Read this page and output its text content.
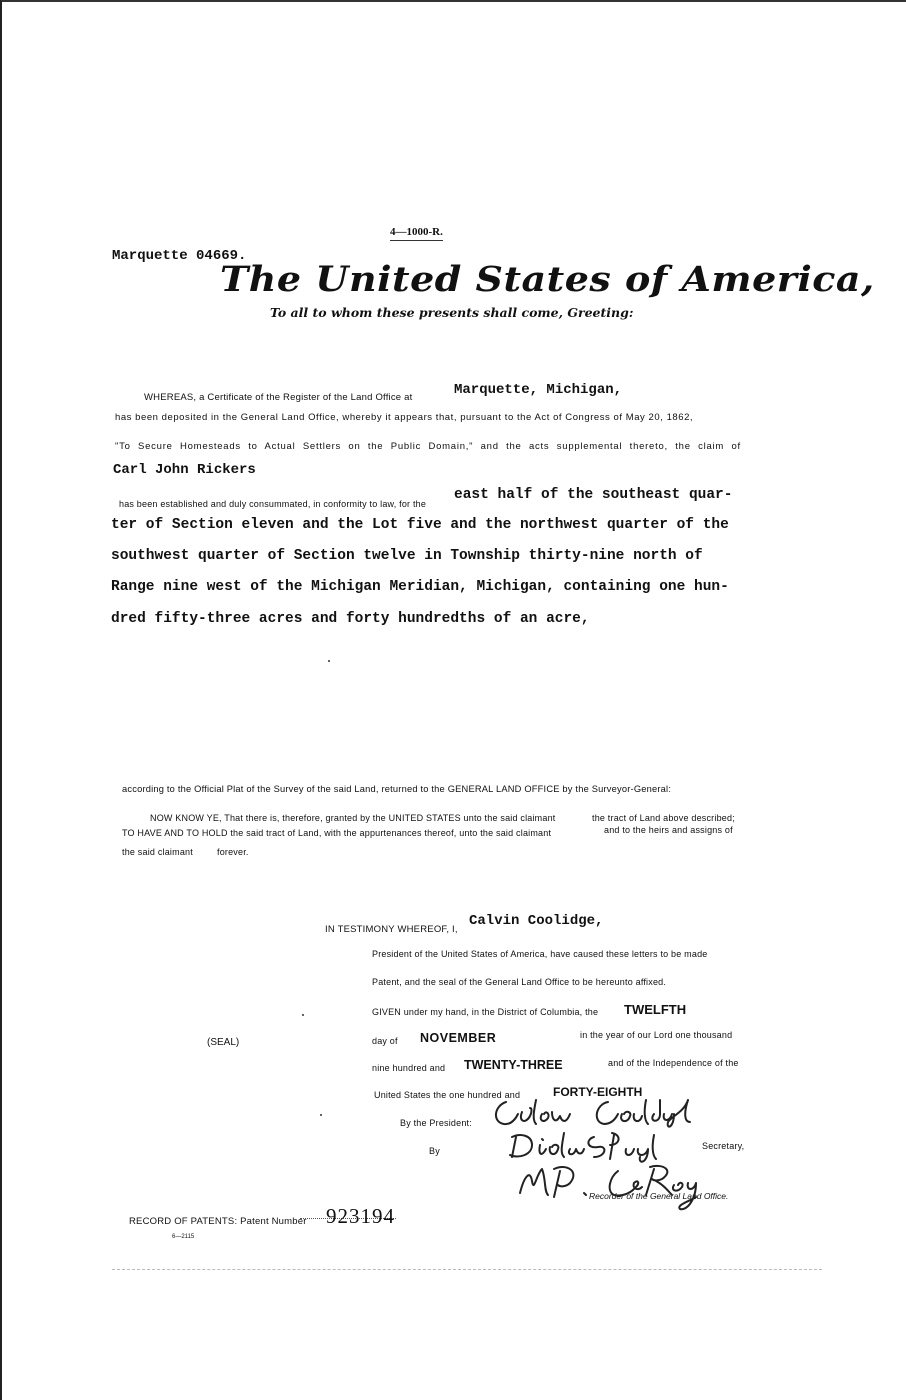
4—1000-R.
Marquette 04669.
The United States of America,
To all to whom these presents shall come, Greeting:
WHEREAS, a Certificate of the Register of the Land Office at	Marquette, Michigan,
has been deposited in the General Land Office, whereby it appears that, pursuant to the Act of Congress of May 20, 1862,
"To Secure Homesteads to Actual Settlers on the Public Domain," and the acts supplemental thereto, the claim of
Carl John Rickers
has been established and duly consummated, in conformity to law, for the
east half of the southeast quar-
ter of Section eleven and the Lot five and the northwest quarter of the
southwest quarter of Section twelve in Township thirty-nine north of
Range nine west of the Michigan Meridian, Michigan, containing one hun-
dred fifty-three acres and forty hundredths of an acre,
according to the Official Plat of the Survey of the said Land, returned to the GENERAL LAND OFFICE by the Surveyor-General:
NOW KNOW YE, That there is, therefore, granted by the UNITED STATES unto the said claimant	the tract of Land above described;
TO HAVE AND TO HOLD the said tract of Land, with the appurtenances thereof, unto the said claimant	and to the heirs and assigns of
the said claimant	forever.
IN TESTIMONY WHEREOF, I,
Calvin Coolidge,
President of the United States of America, have caused these letters to be made
Patent, and the seal of the General Land Office to be hereunto affixed.
GIVEN under my hand, in the District of Columbia, the TWELFTH
day of NOVEMBER	in the year of our Lord one thousand
nine hundred and TWENTY-THREE	and of the Independence of the
United States the one hundred and	FORTY-EIGHTH
(SEAL)
By the President:
By	Secretary,
Recorder of the General Land Office.
RECORD OF PATENTS: Patent Number 923194
6—2115
